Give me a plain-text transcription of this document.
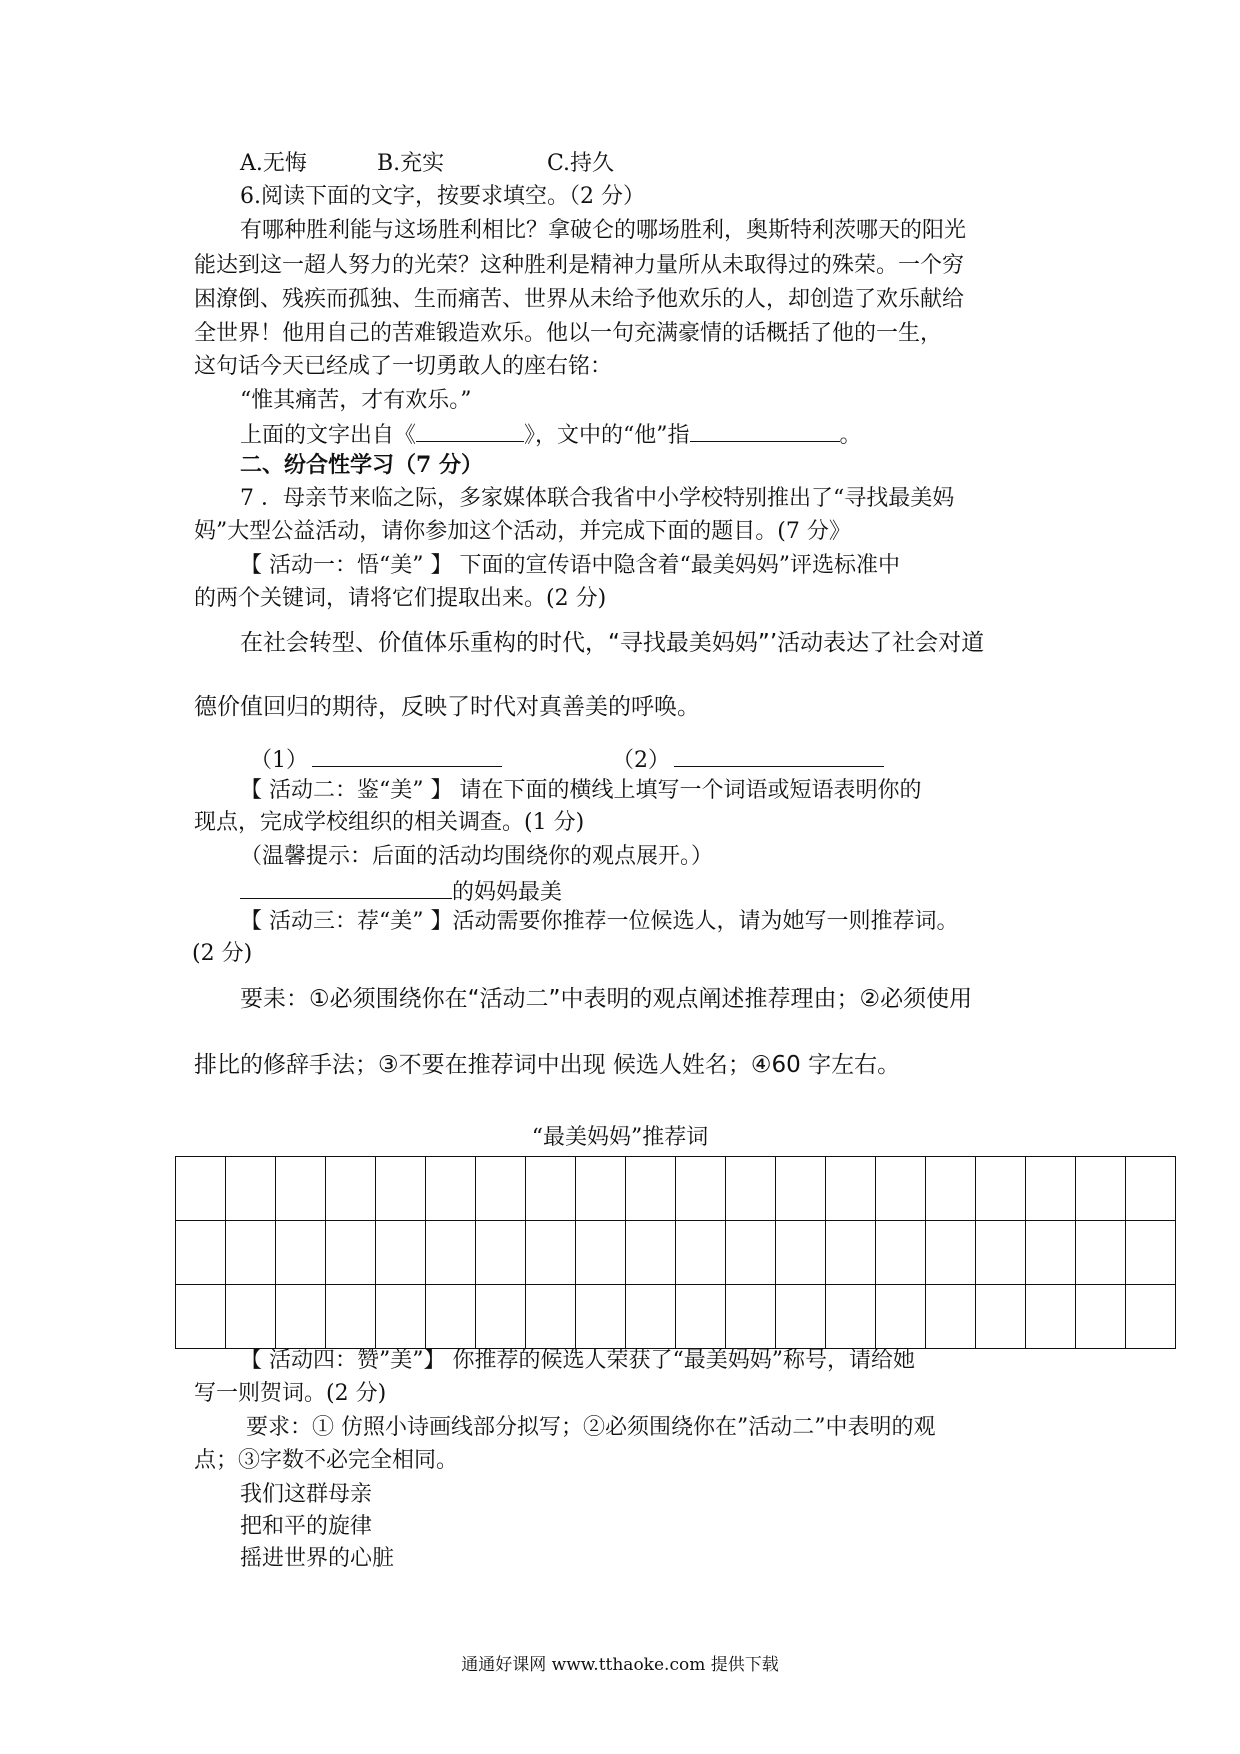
A.无悔	B.充实	C.持久
6.阅读下面的文字，按要求填空。（2 分）
有哪种胜利能与这场胜利相比？拿破仑的哪场胜利，奥斯特利茨哪天的阳光
能达到这一超人努力的光荣？这种胜利是精神力量所从未取得过的殊荣。一个穷
困潦倒、残疾而孤独、生而痛苦、世界从未给予他欢乐的人，却创造了欢乐献给
全世界！他用自己的苦难锻造欢乐。他以一句充满豪情的话概括了他的一生，
这句话今天已经成了一切勇敢人的座右铭：
“惟其痛苦，才有欢乐。”
上面的文字出自《	》，文中的“他”指	。
二、纷合性学习（7 分）
7 ．母亲节来临之际，多家媒体联合我省中小学校特别推出了“寻找最美妈
妈”大型公益活动，请你参加这个活动，并完成下面的题目。(7 分》
【 活动一：悟“美” 】 下面的宣传语中隐含着“最美妈妈”评选标准中
的两个关键词，请将它们提取出来。(2 分)
在社会转型、价值体乐重构的时代，“寻找最美妈妈”’活动表达了社会对道
德价值回归的期待，反映了时代对真善美的呼唤。
（1）	（2）
【 活动二：鉴“美” 】 请在下面的横线上填写一个词语或短语表明你的
现点，完成学校组织的相关调查。(1 分)
（温馨提示：后面的活动均围绕你的观点展开。）
的妈妈最美
【 活动三：荐“美” 】活动需要你推荐一位候选人，请为她写一则推荐词。
(2 分)
要耒：①必须围绕你在“活动二”中表明的观点阐述推荐理由；②必须使用
排比的修辞手法；③不要在推荐词中出现 候选人姓名；④60 字左右。
“最美妈妈”推荐词

【 活动四：赞”美”】 你推荐的候选人荣获了“最美妈妈”称号，请给她
写一则贺词。(2 分)
要求：① 仿照小诗画线部分拟写；②必须围绕你在”活动二”中表明的观
点；③字数不必完全相同。
我们这群母亲
把和平的旋律
摇进世界的心脏
通通好课网 www.tthaoke.com 提供下载
